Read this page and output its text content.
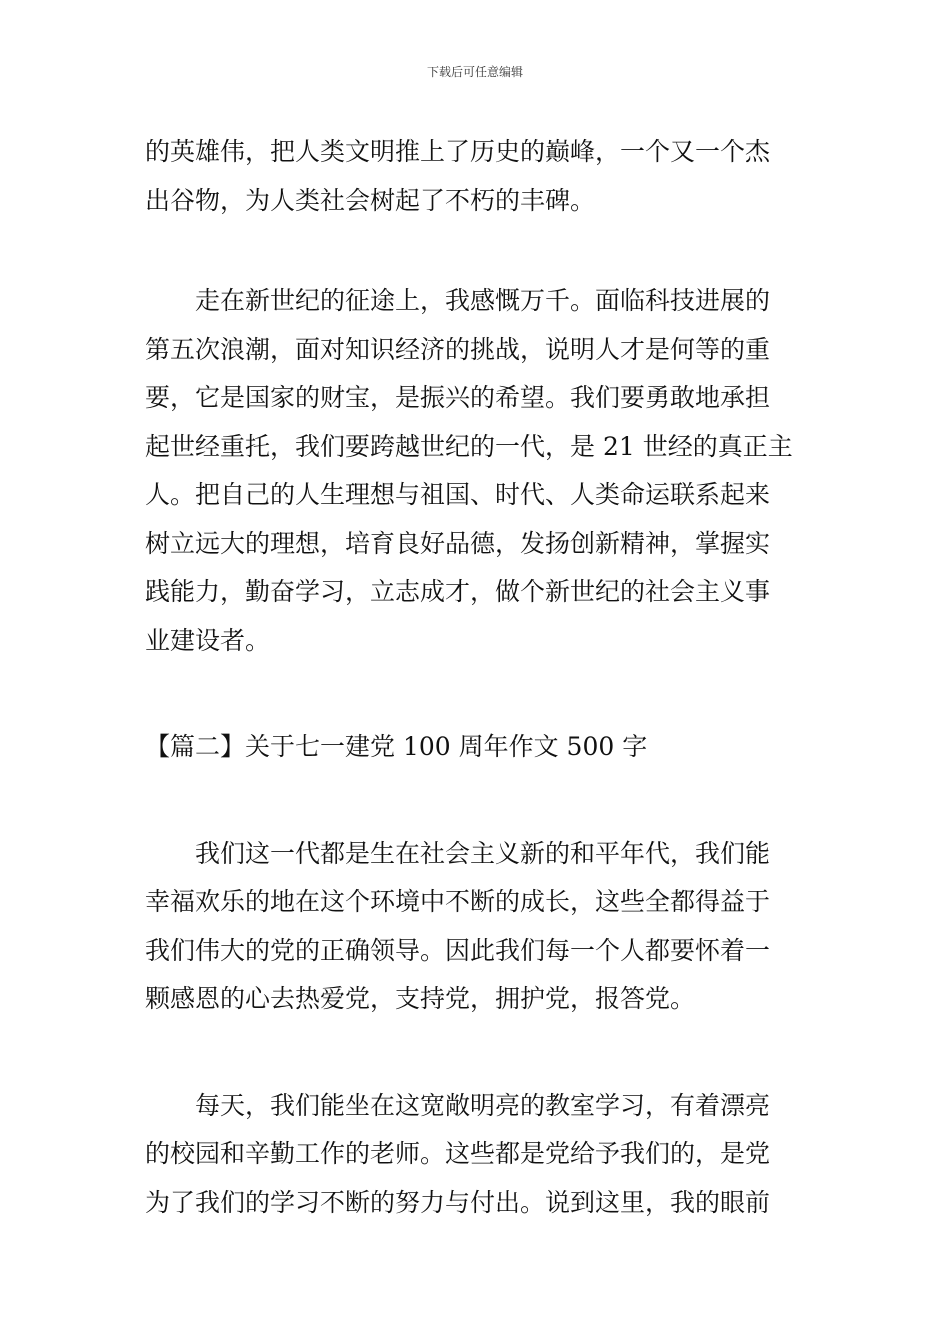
下载后可任意编辑
的英雄伟，把人类文明推上了历史的巅峰，一个又一个杰
出谷物，为人类社会树起了不朽的丰碑。
走在新世纪的征途上，我感慨万千。面临科技进展的
第五次浪潮，面对知识经济的挑战，说明人才是何等的重
要，它是国家的财宝，是振兴的希望。我们要勇敢地承担
起世经重托，我们要跨越世纪的一代，是 21 世经的真正主
人。把自己的人生理想与祖国、时代、人类命运联系起来
树立远大的理想，培育良好品德，发扬创新精神，掌握实
践能力，勤奋学习，立志成才，做个新世纪的社会主义事
业建设者。
【篇二】关于七一建党 100 周年作文 500 字
我们这一代都是生在社会主义新的和平年代，我们能
幸福欢乐的地在这个环境中不断的成长，这些全都得益于
我们伟大的党的正确领导。因此我们每一个人都要怀着一
颗感恩的心去热爱党，支持党，拥护党，报答党。
每天，我们能坐在这宽敞明亮的教室学习，有着漂亮
的校园和辛勤工作的老师。这些都是党给予我们的，是党
为了我们的学习不断的努力与付出。说到这里，我的眼前
